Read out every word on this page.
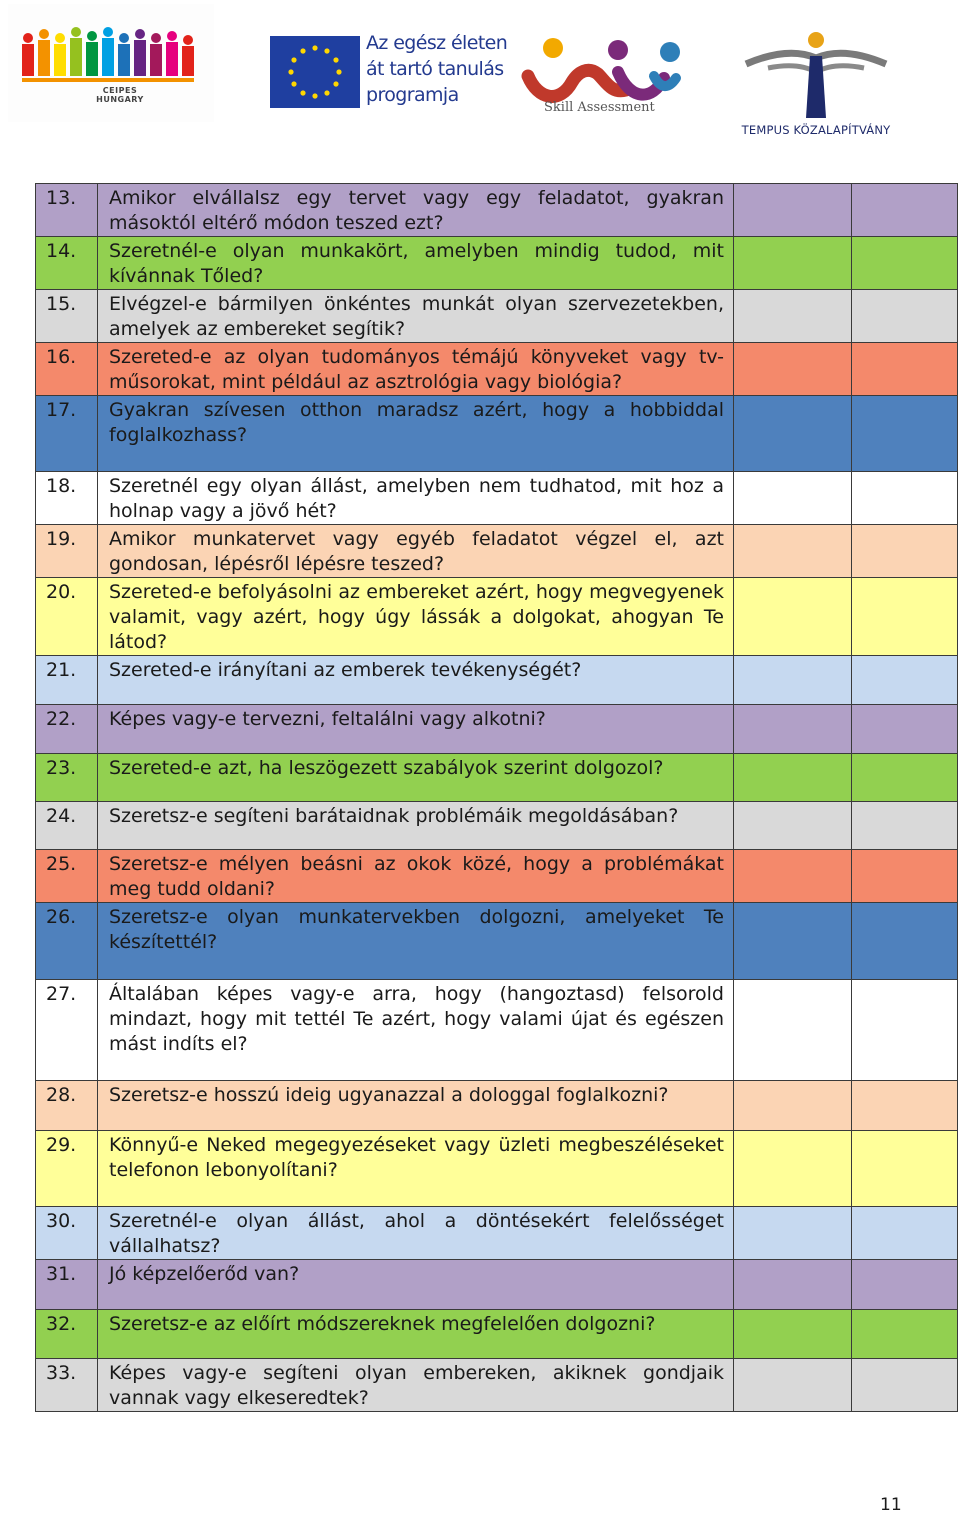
CEIPES
HUNGARY
Az egész életen
át tartó tanulás
programja
Skill Assessment
TEMPUS KÖZALAPÍTVÁNY
13.	Amikor elvállalsz egy tervet vagy egy feladatot, gyakran másoktól eltérő módon teszed ezt?		
14.	Szeretnél-e olyan munkakört, amelyben mindig tudod, mit kívánnak Tőled?		
15.	Elvégzel-e bármilyen önkéntes munkát olyan szervezetekben, amelyek az embereket segítik?		
16.	Szereted-e az olyan tudományos témájú könyveket vagy tv-műsorokat, mint például az asztrológia vagy biológia?		
17.	Gyakran szívesen otthon maradsz azért, hogy a hobbiddal foglalkozhass?		
18.	Szeretnél egy olyan állást, amelyben nem tudhatod, mit hoz a holnap vagy a jövő hét?		
19.	Amikor munkatervet vagy egyéb feladatot végzel el, azt gondosan, lépésről lépésre teszed?		
20.	Szereted-e befolyásolni az embereket azért, hogy megvegyenek valamit, vagy azért, hogy úgy lássák a dolgokat, ahogyan Te látod?		
21.	Szereted-e irányítani az emberek tevékenységét?		
22.	Képes vagy-e tervezni, feltalálni vagy alkotni?		
23.	Szereted-e azt, ha leszögezett szabályok szerint dolgozol?		
24.	Szeretsz-e segíteni barátaidnak problémáik megoldásában?		
25.	Szeretsz-e mélyen beásni az okok közé, hogy a problémákat meg tudd oldani?		
26.	Szeretsz-e olyan munkatervekben dolgozni, amelyeket Te készítettél?		
27.	Általában képes vagy-e arra, hogy (hangoztasd) felsorold mindazt, hogy mit tettél Te azért, hogy valami újat és egészen mást indíts el?		
28.	Szeretsz-e hosszú ideig ugyanazzal a dologgal foglalkozni?		
29.	Könnyű-e Neked megegyezéseket vagy üzleti megbeszéléseket telefonon lebonyolítani?		
30.	Szeretnél-e olyan állást, ahol a döntésekért felelősséget vállalhatsz?		
31.	Jó képzelőerőd van?		
32.	Szeretsz-e az előírt módszereknek megfelelően dolgozni?		
33.	Képes vagy-e segíteni olyan embereken, akiknek gondjaik vannak vagy elkeseredtek?		
11
